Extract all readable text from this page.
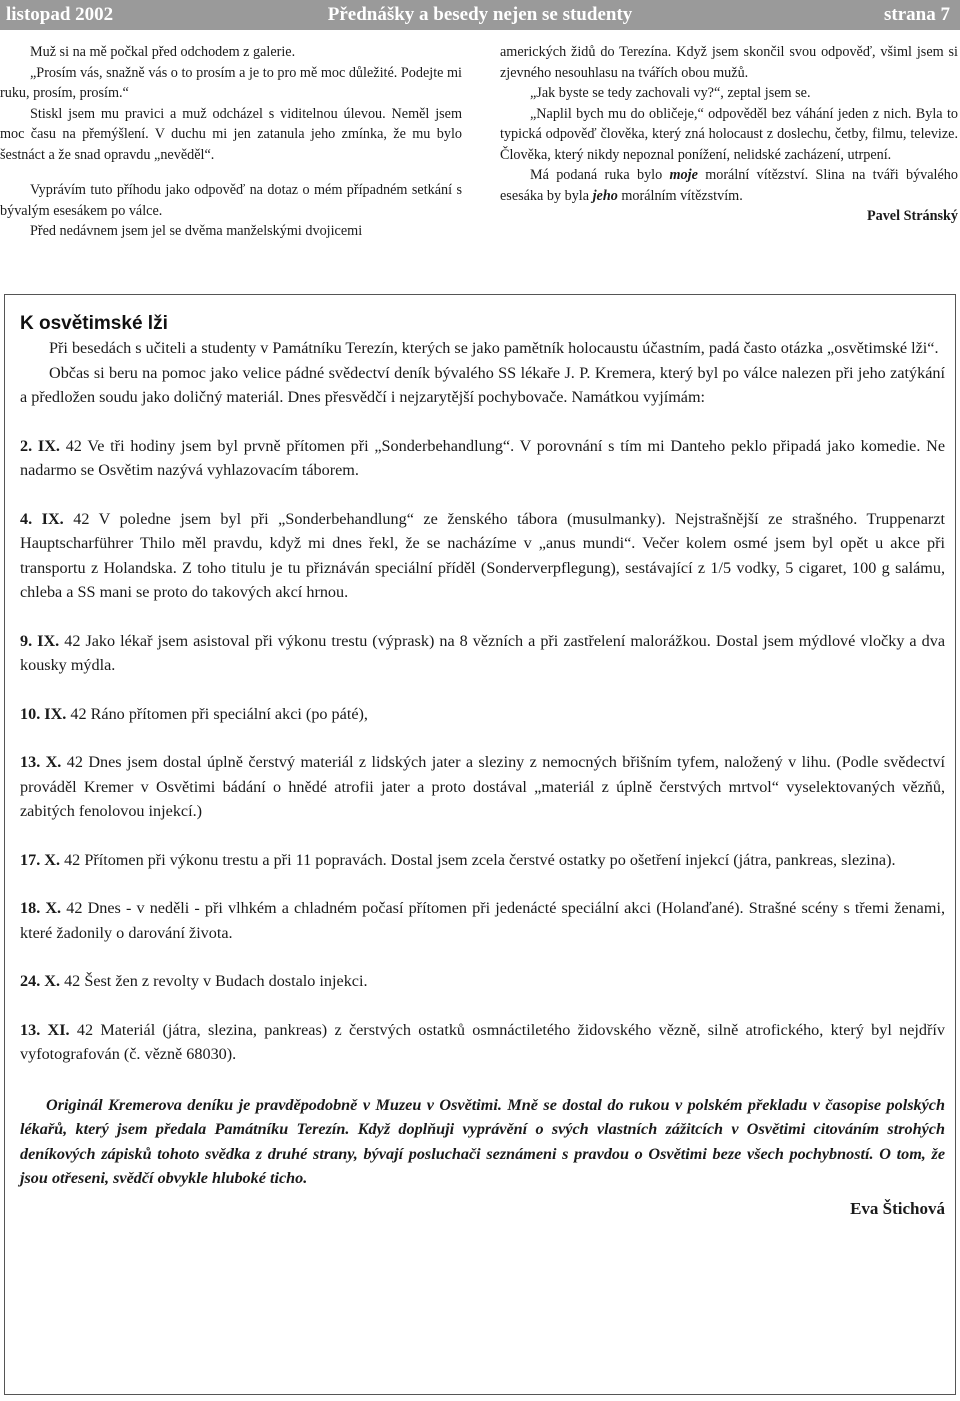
Přednášky a besedy nejen se studenty
listopad 2002	strana 7

Muž si na mě počkal před odchodem z galerie.

„Prosím vás, snažně vás o to prosím a je to pro mě moc důležité. Podejte mi ruku, prosím, prosím.“

Stiskl jsem mu pravici a muž odcházel s viditelnou úlevou. Neměl jsem moc času na přemýšlení. V duchu mi jen zatanula jeho zmínka, že mu bylo šestnáct a že snad opravdu „nevěděl“.

Vyprávím tuto příhodu jako odpověď na dotaz o mém případném setkání s bývalým esesákem po válce.

Před nedávnem jsem jel se dvěma manželskými dvojicemi

amerických židů do Terezína. Když jsem skončil svou odpověď, všiml jsem si zjevného nesouhlasu na tvářích obou mužů.

„Jak byste se tedy zachovali vy?“, zeptal jsem se.

„Naplil bych mu do obličeje,“ odpověděl bez váhání jeden z nich. Byla to typická odpověď člověka, který zná holocaust z doslechu, četby, filmu, televize. Člověka, který nikdy nepoznal ponížení, nelidské zacházení, utrpení.

Má podaná ruka bylo moje morální vítězství. Slina na tváři bývalého esesáka by byla jeho morálním vítězstvím.

Pavel Stránský

K osvětimské lži

Při besedách s učiteli a studenty v Památníku Terezín, kterých se jako pamětník holocaustu účastním, padá často otázka „osvětimské lži“.

Občas si beru na pomoc jako velice pádné svědectví deník bývalého SS lékaře J. P. Kremera, který byl po válce nalezen při jeho zatýkání a předložen soudu jako doličný materiál. Dnes přesvědčí i nejzarytější pochybovače. Namátkou vyjímám:

2. IX. 42 Ve tři hodiny jsem byl prvně přítomen při „Sonderbehandlung“. V porovnání s tím mi Danteho peklo připadá jako komedie. Ne nadarmo se Osvětim nazývá vyhlazovacím táborem.

4. IX. 42 V poledne jsem byl při „Sonderbehandlung“ ze ženského tábora (musulmanky). Nejstrašnější ze strašného. Truppenarzt Hauptscharführer Thilo měl pravdu, když mi dnes řekl, že se nacházíme v „anus mundi“. Večer kolem osmé jsem byl opět u akce při transportu z Holandska. Z toho titulu je tu přiznáván speciální příděl (Sonderverpflegung), sestávající z 1/5 vodky, 5 cigaret, 100 g salámu, chleba a SS mani se proto do takových akcí hrnou.

9. IX. 42 Jako lékař jsem asistoval při výkonu trestu (výprask) na 8 vězních a při zastřelení malorážkou. Dostal jsem mýdlové vločky a dva kousky mýdla.

10. IX. 42 Ráno přítomen při speciální akci (po páté),

13. X. 42 Dnes jsem dostal úplně čerstvý materiál z lidských jater a sleziny z nemocných břišním tyfem, naložený v lihu. (Podle svědectví prováděl Kremer v Osvětimi bádání o hnědé atrofii jater a proto dostával „materiál z úplně čerstvých mrtvol“ vyselektovaných vězňů, zabitých fenolovou injekcí.)

17. X. 42 Přítomen při výkonu trestu a při 11 popravách. Dostal jsem zcela čerstvé ostatky po ošetření injekcí (játra, pankreas, slezina).

18. X. 42 Dnes - v neděli - při vlhkém a chladném počasí přítomen při jedenácté speciální akci (Holanďané). Strašné scény s třemi ženami, které žadonily o darování života.

24. X. 42 Šest žen z revolty v Budach dostalo injekci.

13. XI. 42 Materiál (játra, slezina, pankreas) z čerstvých ostatků osmnáctiletého židovského vězně, silně atrofického, který byl nejdřív vyfotografován (č. vězně 68030).

Originál Kremerova deníku je pravděpodobně v Muzeu v Osvětimi. Mně se dostal do rukou v polském překladu v časopise polských lékařů, který jsem předala Památníku Terezín. Když doplňuji vyprávění o svých vlastních zážitcích v Osvětimi citováním strohých deníkových zápisků tohoto svědka z druhé strany, bývají posluchači seznámeni s pravdou o Osvětimi beze všech pochybností. O tom, že jsou otřeseni, svědčí obvykle hluboké ticho.

Eva Štichová
